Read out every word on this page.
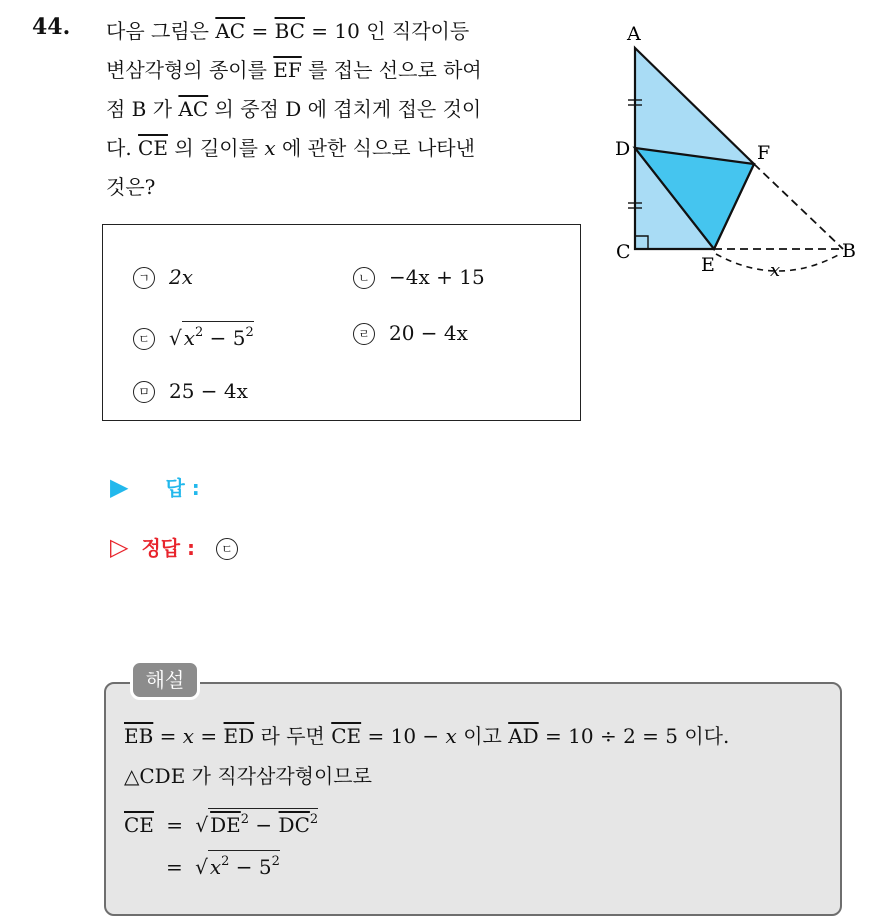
44. 다음 그림은 $\overline{AC} = \overline{BC} = 10$ 인 직각이등
변삼각형의 종이를 $\overline{EF}$ 를 접는 선으로 하여
점 B 가 $\overline{AC}$ 의 중점 D 에 겹치게 접은 것이
다. $\overline{CE}$ 의 길이를 x 에 관한 식으로 나타낸
것은?
A
D
C
E
F
B
x
ㄱ 2x	ㄴ −4x + 15
ㄷ √ $x^2 - 5^2$	ㄹ 20 − 4x
ㅁ 25 − 4x
▶ 답 :
▷ 정답 : ㄷ
해설
$\overline{EB} = x = \overline{ED}$ 라 두면 $\overline{CE} = 10 - x$ 이고 $\overline{AD} = 10 \div 2 = 5$ 이다.
△CDE 가 직각삼각형이므로
$\overline{CE}$ = √ $DE^2 - \overline{DC}^2$
= √ $x^2 - 5^2$
